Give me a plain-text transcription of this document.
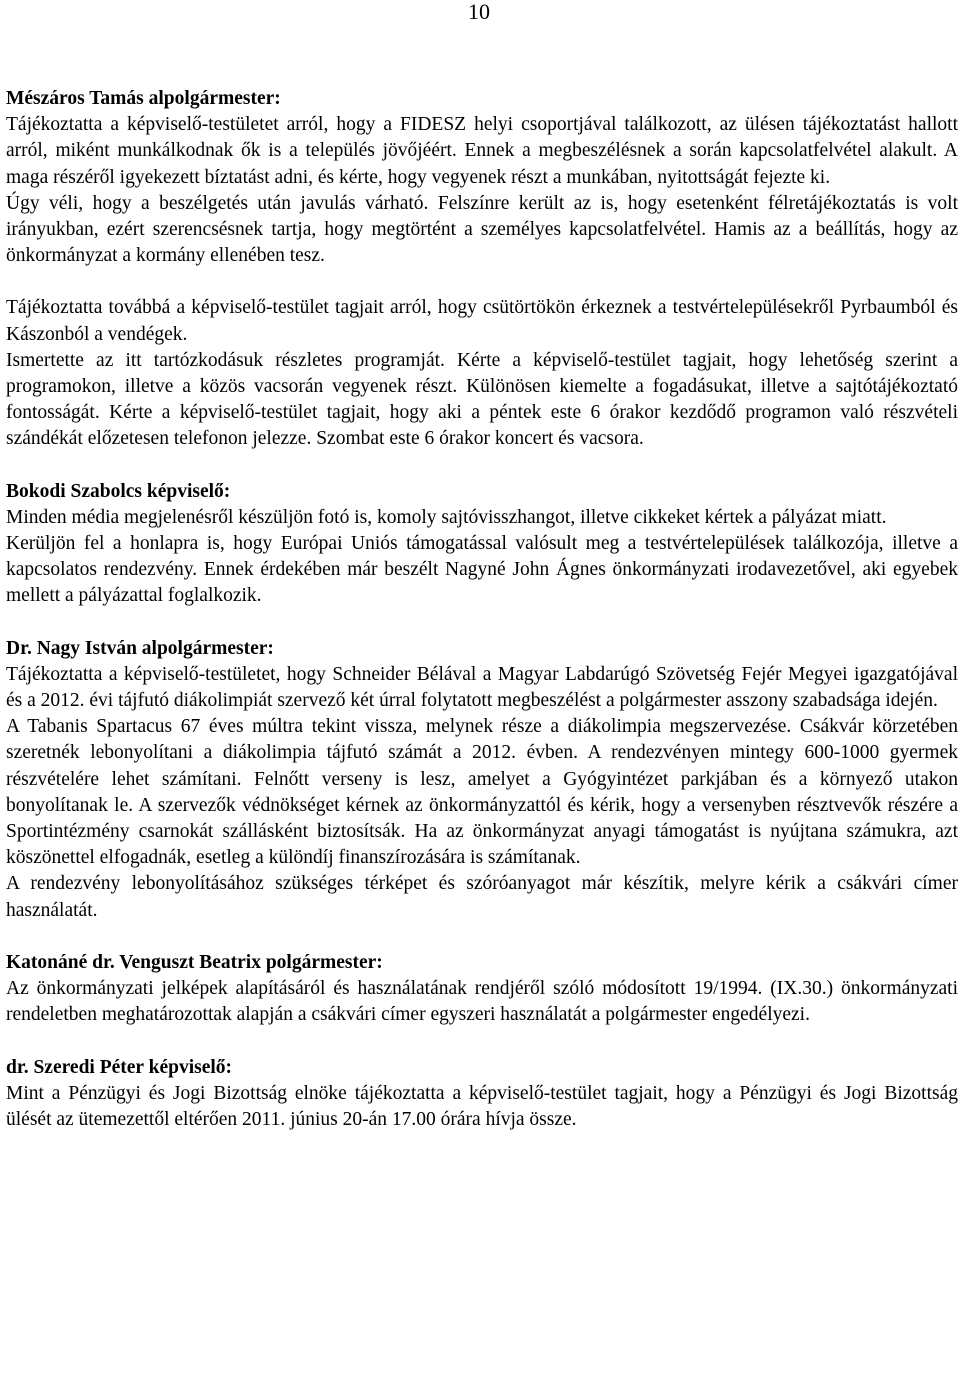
10
Mészáros Tamás alpolgármester:
Tájékoztatta a képviselő-testületet arról, hogy a FIDESZ helyi csoportjával találkozott, az ülésen tájékoztatást hallott arról, miként munkálkodnak ők is a település jövőjéért. Ennek a megbeszélésnek a során kapcsolatfelvétel alakult. A maga részéről igyekezett bíztatást adni, és kérte, hogy vegyenek részt a munkában, nyitottságát fejezte ki.
Úgy véli, hogy a beszélgetés után javulás várható. Felszínre került az is, hogy esetenként félretájékoztatás is volt irányukban, ezért szerencsésnek tartja, hogy megtörtént a személyes kapcsolatfelvétel. Hamis az a beállítás, hogy az önkormányzat a kormány ellenében tesz.
Tájékoztatta továbbá a képviselő-testület tagjait arról, hogy csütörtökön érkeznek a testvértelepülésekről Pyrbaumból és Kászonból a vendégek.
Ismertette az itt tartózkodásuk részletes programját. Kérte a képviselő-testület tagjait, hogy lehetőség szerint a programokon, illetve a közös vacsorán vegyenek részt. Különösen kiemelte a fogadásukat, illetve a sajtótájékoztató fontosságát. Kérte a képviselő-testület tagjait, hogy aki a péntek este 6 órakor kezdődő programon való részvételi szándékát előzetesen telefonon jelezze. Szombat este 6 órakor koncert és vacsora.
Bokodi Szabolcs képviselő:
Minden média megjelenésről készüljön fotó is, komoly sajtóvisszhangot, illetve cikkeket kértek a pályázat miatt.
Kerüljön fel a honlapra is, hogy Európai Uniós támogatással valósult meg a testvértelepülések találkozója, illetve a kapcsolatos rendezvény. Ennek érdekében már beszélt Nagyné John Ágnes önkormányzati irodavezetővel, aki egyebek mellett a pályázattal foglalkozik.
Dr. Nagy István alpolgármester:
Tájékoztatta a képviselő-testületet, hogy Schneider Bélával a Magyar Labdarúgó Szövetség Fejér Megyei igazgatójával és a 2012. évi tájfutó diákolimpiát szervező két úrral folytatott megbeszélést a polgármester asszony szabadsága idején.
A Tabanis Spartacus 67 éves múltra tekint vissza, melynek része a diákolimpia megszervezése. Csákvár körzetében szeretnék lebonyolítani a diákolimpia tájfutó számát a 2012. évben. A rendezvényen mintegy 600-1000 gyermek részvételére lehet számítani. Felnőtt verseny is lesz, amelyet a Gyógyintézet parkjában és a környező utakon bonyolítanak le. A szervezők védnökséget kérnek az önkormányzattól és kérik, hogy a versenyben résztvevők részére a Sportintézmény csarnokát szállásként biztosítsák. Ha az önkormányzat anyagi támogatást is nyújtana számukra, azt köszönettel elfogadnák, esetleg a különdíj finanszírozására is számítanak.
A rendezvény lebonyolításához szükséges térképet és szóróanyagot már készítik, melyre kérik a csákvári címer használatát.
Katonáné dr. Venguszt Beatrix polgármester:
Az önkormányzati jelképek alapításáról és használatának rendjéről szóló módosított 19/1994. (IX.30.) önkormányzati rendeletben meghatározottak alapján a csákvári címer egyszeri használatát a polgármester engedélyezi.
dr. Szeredi Péter képviselő:
Mint a Pénzügyi és Jogi Bizottság elnöke tájékoztatta a képviselő-testület tagjait, hogy a Pénzügyi és Jogi Bizottság ülését az ütemezettől eltérően 2011. június 20-án 17.00 órára hívja össze.
